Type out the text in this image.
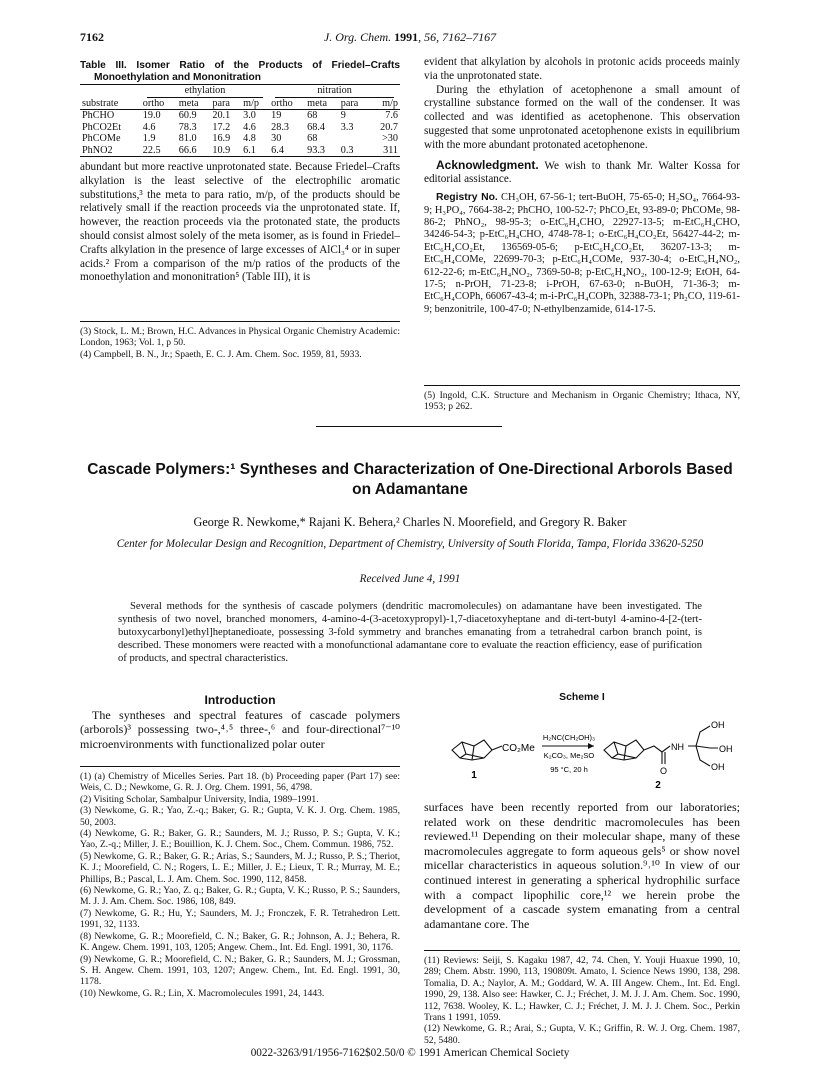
7162	J. Org. Chem. 1991, 56, 7162–7167

Table III. Isomer Ratio of the Products of Friedel–Crafts Monoethylation and Mononitration

	ethylation				nitration			

substrate	ortho	meta	para	m/p	ortho	meta	para	m/p
PhCHO	19.0	60.9	20.1	3.0	19	68	9	7.6
PhCO2Et	4.6	78.3	17.2	4.6	28.3	68.4	3.3	20.7
PhCOMe	1.9	81.0	16.9	4.8	30	68		>30
PhNO2	22.5	66.6	10.9	6.1	6.4	93.3	0.3	311

abundant but more reactive unprotonated state. Because Friedel–Crafts alkylation is the least selective of the electrophilic aromatic substitutions,³ the meta to para ratio, m/p, of the products should be relatively small if the reaction proceeds via the unprotonated state. If, however, the reaction proceeds via the protonated state, the products should consist almost solely of the meta isomer, as is found in Friedel–Crafts alkylation in the presence of large excesses of AlCl₃⁴ or in super acids.² From a comparison of the m/p ratios of the products of the monoethylation and mononitration⁵ (Table III), it is

(3) Stock, L. M.; Brown, H.C. Advances in Physical Organic Chemistry Academic: London, 1963; Vol. 1, p 50.

(4) Campbell, B. N., Jr.; Spaeth, E. C. J. Am. Chem. Soc. 1959, 81, 5933.

evident that alkylation by alcohols in protonic acids proceeds mainly via the unprotonated state.

During the ethylation of acetophenone a small amount of crystalline substance formed on the wall of the condenser. It was collected and was identified as acetophenone. This observation suggested that some unprotonated acetophenone exists in equilibrium with the more abundant protonated acetophenone.

Acknowledgment. We wish to thank Mr. Walter Kossa for editorial assistance.

Registry No. CH₃OH, 67-56-1; tert-BuOH, 75-65-0; H₂SO₄, 7664-93-9; H₃PO₄, 7664-38-2; PhCHO, 100-52-7; PhCO₂Et, 93-89-0; PhCOMe, 98-86-2; PhNO₂, 98-95-3; o-EtC₆H₄CHO, 22927-13-5; m-EtC₆H₄CHO, 34246-54-3; p-EtC₆H₄CHO, 4748-78-1; o-EtC₆H₄CO₂Et, 56427-44-2; m-EtC₆H₄CO₂Et, 136569-05-6; p-EtC₆H₄CO₂Et, 36207-13-3; m-EtC₆H₄COMe, 22699-70-3; p-EtC₆H₄COMe, 937-30-4; o-EtC₆H₄NO₂, 612-22-6; m-EtC₆H₄NO₂, 7369-50-8; p-EtC₆H₄NO₂, 100-12-9; EtOH, 64-17-5; n-PrOH, 71-23-8; i-PrOH, 67-63-0; n-BuOH, 71-36-3; m-EtC₆H₄COPh, 66067-43-4; m-i-PrC₆H₄COPh, 32388-73-1; Ph₂CO, 119-61-9; benzonitrile, 100-47-0; N-ethylbenzamide, 614-17-5.

(5) Ingold, C.K. Structure and Mechanism in Organic Chemistry; Ithaca, NY, 1953; p 262.

Cascade Polymers:¹ Syntheses and Characterization of One-Directional Arborols Based on Adamantane
George R. Newkome,* Rajani K. Behera,² Charles N. Moorefield, and Gregory R. Baker
Center for Molecular Design and Recognition, Department of Chemistry, University of South Florida, Tampa, Florida 33620-5250
Received June 4, 1991

Several methods for the synthesis of cascade polymers (dendritic macromolecules) on adamantane have been investigated. The synthesis of two novel, branched monomers, 4-amino-4-(3-acetoxypropyl)-1,7-diacetoxyheptane and di-tert-butyl 4-amino-4-[2-(tert-butoxycarbonyl)ethyl]heptanedioate, possessing 3-fold symmetry and branches emanating from a tetrahedral carbon branch point, is described. These monomers were reacted with a monofunctional adamantane core to evaluate the reaction efficiency, ease of purification of products, and spectral characteristics.

Introduction

The syntheses and spectral features of cascade polymers (arborols)³ possessing two-,⁴˒⁵ three-,⁶ and four-directional⁷⁻¹⁰ microenvironments with functionalized polar outer

(1) (a) Chemistry of Micelles Series. Part 18. (b) Proceeding paper (Part 17) see: Weis, C. D.; Newkome, G. R. J. Org. Chem. 1991, 56, 4798.

(2) Visiting Scholar, Sambalpur University, India, 1989–1991.

(3) Newkome, G. R.; Yao, Z.-q.; Baker, G. R.; Gupta, V. K. J. Org. Chem. 1985, 50, 2003.

(4) Newkome, G. R.; Baker, G. R.; Saunders, M. J.; Russo, P. S.; Gupta, V. K.; Yao, Z.-q.; Miller, J. E.; Bouillion, K. J. Chem. Soc., Chem. Commun. 1986, 752.

(5) Newkome, G. R.; Baker, G. R.; Arias, S.; Saunders, M. J.; Russo, P. S.; Theriot, K. J.; Moorefield, C. N.; Rogers, L. E.; Miller, J. E.; Lieux, T. R.; Murray, M. E.; Phillips, B.; Pascal, L. J. Am. Chem. Soc. 1990, 112, 8458.

(6) Newkome, G. R.; Yao, Z. q.; Baker, G. R.; Gupta, V. K.; Russo, P. S.; Saunders, M. J. J. Am. Chem. Soc. 1986, 108, 849.

(7) Newkome, G. R.; Hu, Y.; Saunders, M. J.; Fronczek, F. R. Tetrahedron Lett. 1991, 32, 1133.

(8) Newkome, G. R.; Moorefield, C. N.; Baker, G. R.; Johnson, A. J.; Behera, R. K. Angew. Chem. 1991, 103, 1205; Angew. Chem., Int. Ed. Engl. 1991, 30, 1176.

(9) Newkome, G. R.; Moorefield, C. N.; Baker, G. R.; Saunders, M. J.; Grossman, S. H. Angew. Chem. 1991, 103, 1207; Angew. Chem., Int. Ed. Engl. 1991, 30, 1178.

(10) Newkome, G. R.; Lin, X. Macromolecules 1991, 24, 1443.

Scheme I
CO₂Me
1
H₂NC(CH₂OH)₃
K₂CO₃, Me₂SO
95 °C, 20 h	O
NH
OH
OH
OH
2

surfaces have been recently reported from our laboratories; related work on these dendritic macromolecules has been reviewed.¹¹ Depending on their molecular shape, many of these macromolecules aggregate to form aqueous gels⁵ or show novel micellar characteristics in aqueous solution.⁹˒¹⁰ In view of our continued interest in generating a spherical hydrophilic surface with a compact lipophilic core,¹² we herein probe the development of a cascade system emanating from a central adamantane core. The

(11) Reviews: Seiji, S. Kagaku 1987, 42, 74. Chen, Y. Youji Huaxue 1990, 10, 289; Chem. Abstr. 1990, 113, 190809t. Amato, I. Science News 1990, 138, 298. Tomalia, D. A.; Naylor, A. M.; Goddard, W. A. III Angew. Chem., Int. Ed. Engl. 1990, 29, 138. Also see: Hawker, C. J.; Fréchet, J. M. J. J. Am. Chem. Soc. 1990, 112, 7638. Wooley, K. L.; Hawker, C. J.; Fréchet, J. M. J. J. Chem. Soc., Perkin Trans 1 1991, 1059.

(12) Newkome, G. R.; Arai, S.; Gupta, V. K.; Griffin, R. W. J. Org. Chem. 1987, 52, 5480.

0022-3263/91/1956-7162$02.50/0 © 1991 American Chemical Society
